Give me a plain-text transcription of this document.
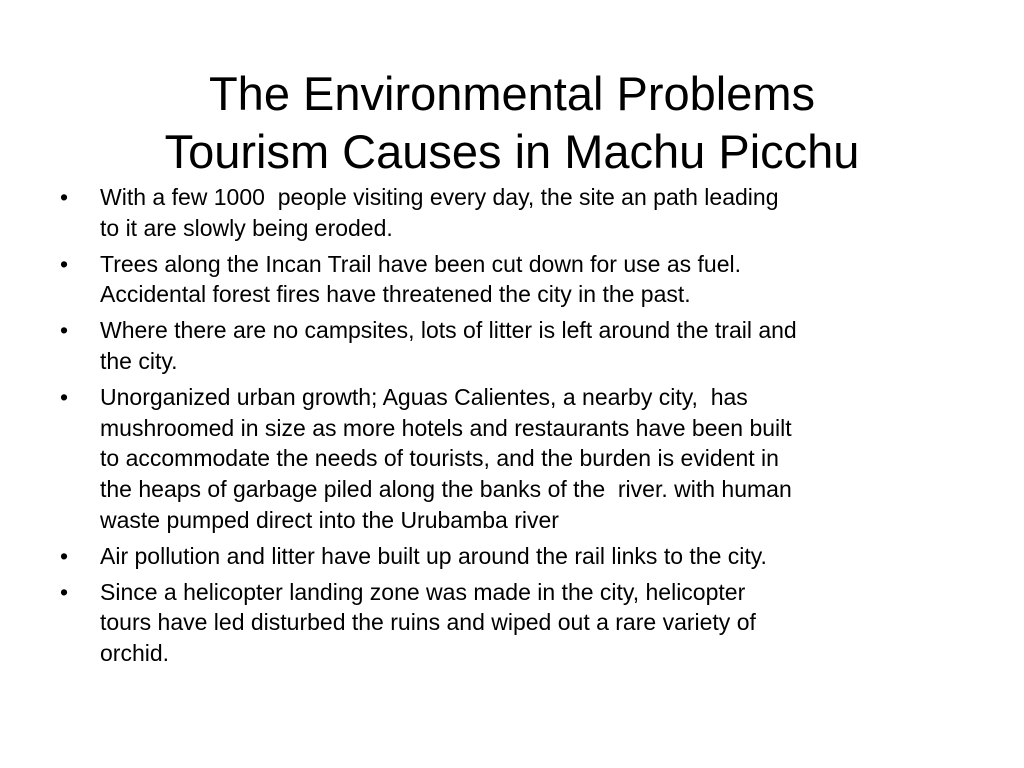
The Environmental Problems
Tourism Causes in Machu Picchu
• With a few 1000  people visiting every day, the site an path leading
to it are slowly being eroded.
• Trees along the Incan Trail have been cut down for use as fuel.
Accidental forest fires have threatened the city in the past.
• Where there are no campsites, lots of litter is left around the trail and
the city.
• Unorganized urban growth; Aguas Calientes, a nearby city,  has
mushroomed in size as more hotels and restaurants have been built
to accommodate the needs of tourists, and the burden is evident in
the heaps of garbage piled along the banks of the  river. with human
waste pumped direct into the Urubamba river
• Air pollution and litter have built up around the rail links to the city.
• Since a helicopter landing zone was made in the city, helicopter
tours have led disturbed the ruins and wiped out a rare variety of
orchid.
